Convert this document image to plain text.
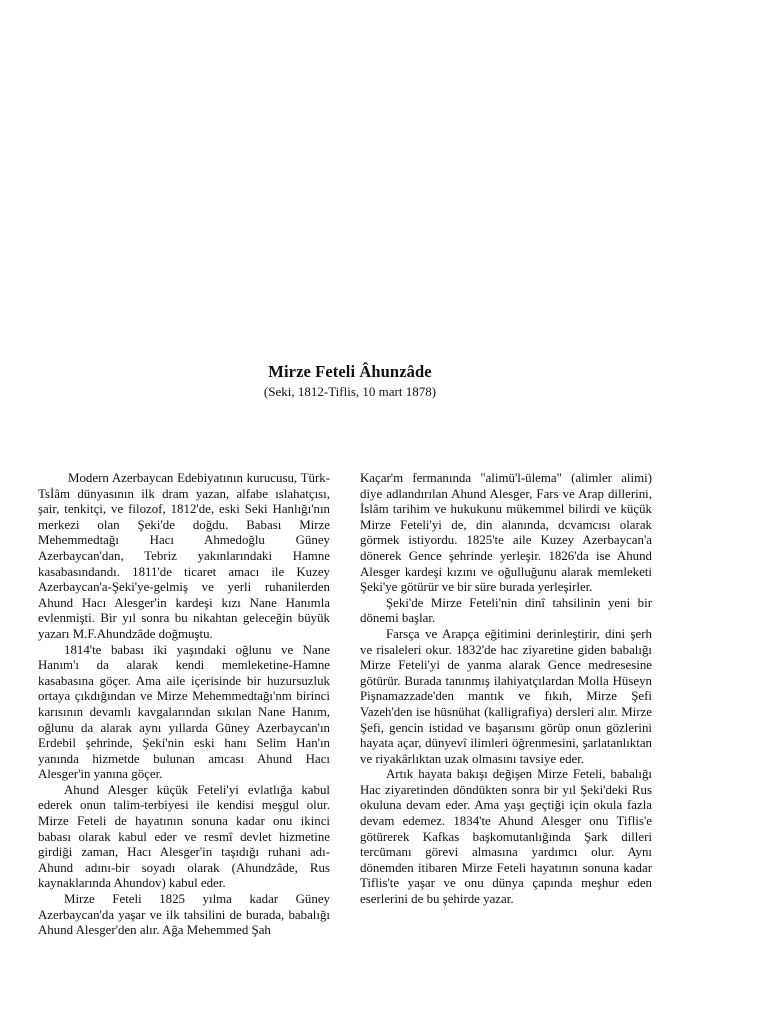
Mirze Feteli Âhunzâde
(Seki, 1812-Tiflis, 10 mart 1878)

Modern Azerbaycan Edebiyatının kurucusu, Türk-Tsİâm dünyasının ilk dram yazan, alfabe ıslahatçısı, şair, tenkitçi, ve filozof, 1812'de, eski Seki Hanlığı'nın merkezi olan Şeki'de doğdu. Babası Mirze Mehemmedtağı Hacı Ahmedoğlu Güney Azerbaycan'dan, Tebriz yakınlarındaki Hamne kasabasındandı. 1811'de ticaret amacı ile Kuzey Azerbaycan'a-Şeki'ye-gelmiş ve yerli ruhanilerden Ahund Hacı Alesger'in kardeşi kızı Nane Hanımla evlenmişti. Bir yıl sonra bu nikahtan geleceğin büyük yazarı M.F.Ahundzâde doğmuştu.

1814'te babası iki yaşındaki oğlunu ve Nane Hanım'ı da alarak kendi memleketine-Hamne kasabasına göçer. Ama aile içerisinde bir huzursuzluk ortaya çıkdığından ve Mirze Mehemmedtağı'nm birinci karısının devamlı kavgalarından sıkılan Nane Hanım, oğlunu da alarak aynı yıllarda Güney Azerbaycan'ın Erdebil şehrinde, Şeki'nin eski hanı Selim Han'ın yanında hizmetde bulunan amcası Ahund Hacı Alesger'in yanına göçer.

Ahund Alesger küçük Feteli'yi evlatlığa kabul ederek onun talim-terbiyesi ile kendisi meşgul olur. Mirze Feteli de hayatının sonuna kadar onu ikinci babası olarak kabul eder ve resmî devlet hizmetine girdiği zaman, Hacı Alesger'in taşıdığı ruhani adı-Ahund adını-bir soyadı olarak (Ahundzâde, Rus kaynaklarında Ahundov) kabul eder.

Mirze Feteli 1825 yılma kadar Güney Azerbaycan'da yaşar ve ilk tahsilini de burada, babalığı Ahund Alesger'den alır. Ağa Mehemmed Şah

Kaçar'm fermanında "alimü'l-ülema" (alimler alimi) diye adlandırılan Ahund Alesger, Fars ve Arap dillerini, İslâm tarihim ve hukukunu mükemmel bilirdi ve küçük Mirze Feteli'yi de, din alanında, dcvamcısı olarak görmek istiyordu. 1825'te aile Kuzey Azerbaycan'a dönerek Gence şehrinde yerleşir. 1826'da ise Ahund Alesger kardeşi kızını ve oğulluğunu alarak memleketi Şeki'ye götürür ve bir süre burada yerleşirler.

Şeki'de Mirze Feteli'nin dinî tahsilinin yeni bir dönemi başlar.

Farsça ve Arapça eğitimini derinleştirir, dini şerh ve risaleleri okur. 1832'de hac ziyaretine giden babalığı Mirze Feteli'yi de yanma alarak Gence medresesine götürür. Burada tanınmış ilahiyatçılardan Molla Hüseyn Pişnamazzade'den mantık ve fıkıh, Mirze Şefi Vazeh'den ise hüsnühat (kalligrafiya) dersleri alır. Mirze Şefi, gencin istidad ve başarısını görüp onun gözlerini hayata açar, dünyevî ilimleri öğrenmesini, şarlatanlıktan ve riyakârlıktan uzak olmasını tavsiye eder.

Artık hayata bakışı değişen Mirze Feteli, babalığı Hac ziyaretinden döndükten sonra bir yıl Şeki'deki Rus okuluna devam eder. Ama yaşı geçtiği için okula fazla devam edemez. 1834'te Ahund Alesger onu Tiflis'e götürerek Kafkas başkomutanlığında Şark dilleri tercümanı görevi almasına yardımcı olur. Aynı dönemden itibaren Mirze Feteli hayatının sonuna kadar Tiflis'te yaşar ve onu dünya çapında meşhur eden eserlerini de bu şehirde yazar.
